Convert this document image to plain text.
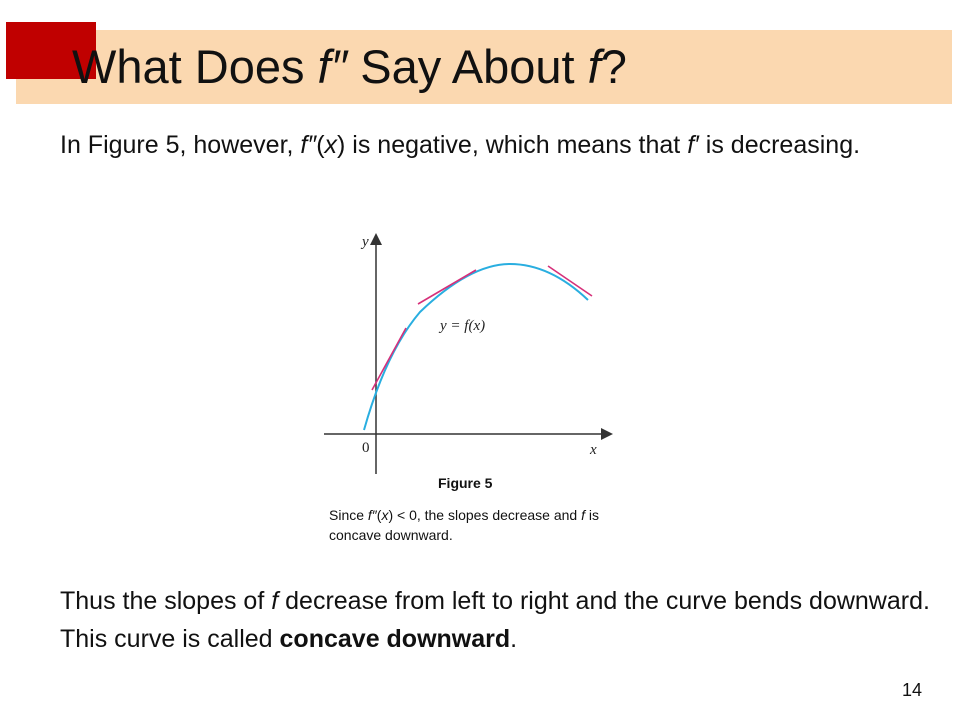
What Does f″ Say About f?

In Figure 5, however, f″(x) is negative, which means that f′ is decreasing.

y
x
0
y = f(x)
Figure 5
Since f″(x) < 0, the slopes decrease and f is concave downward.

Thus the slopes of f decrease from left to right and the curve bends downward. This curve is called concave downward.

14
